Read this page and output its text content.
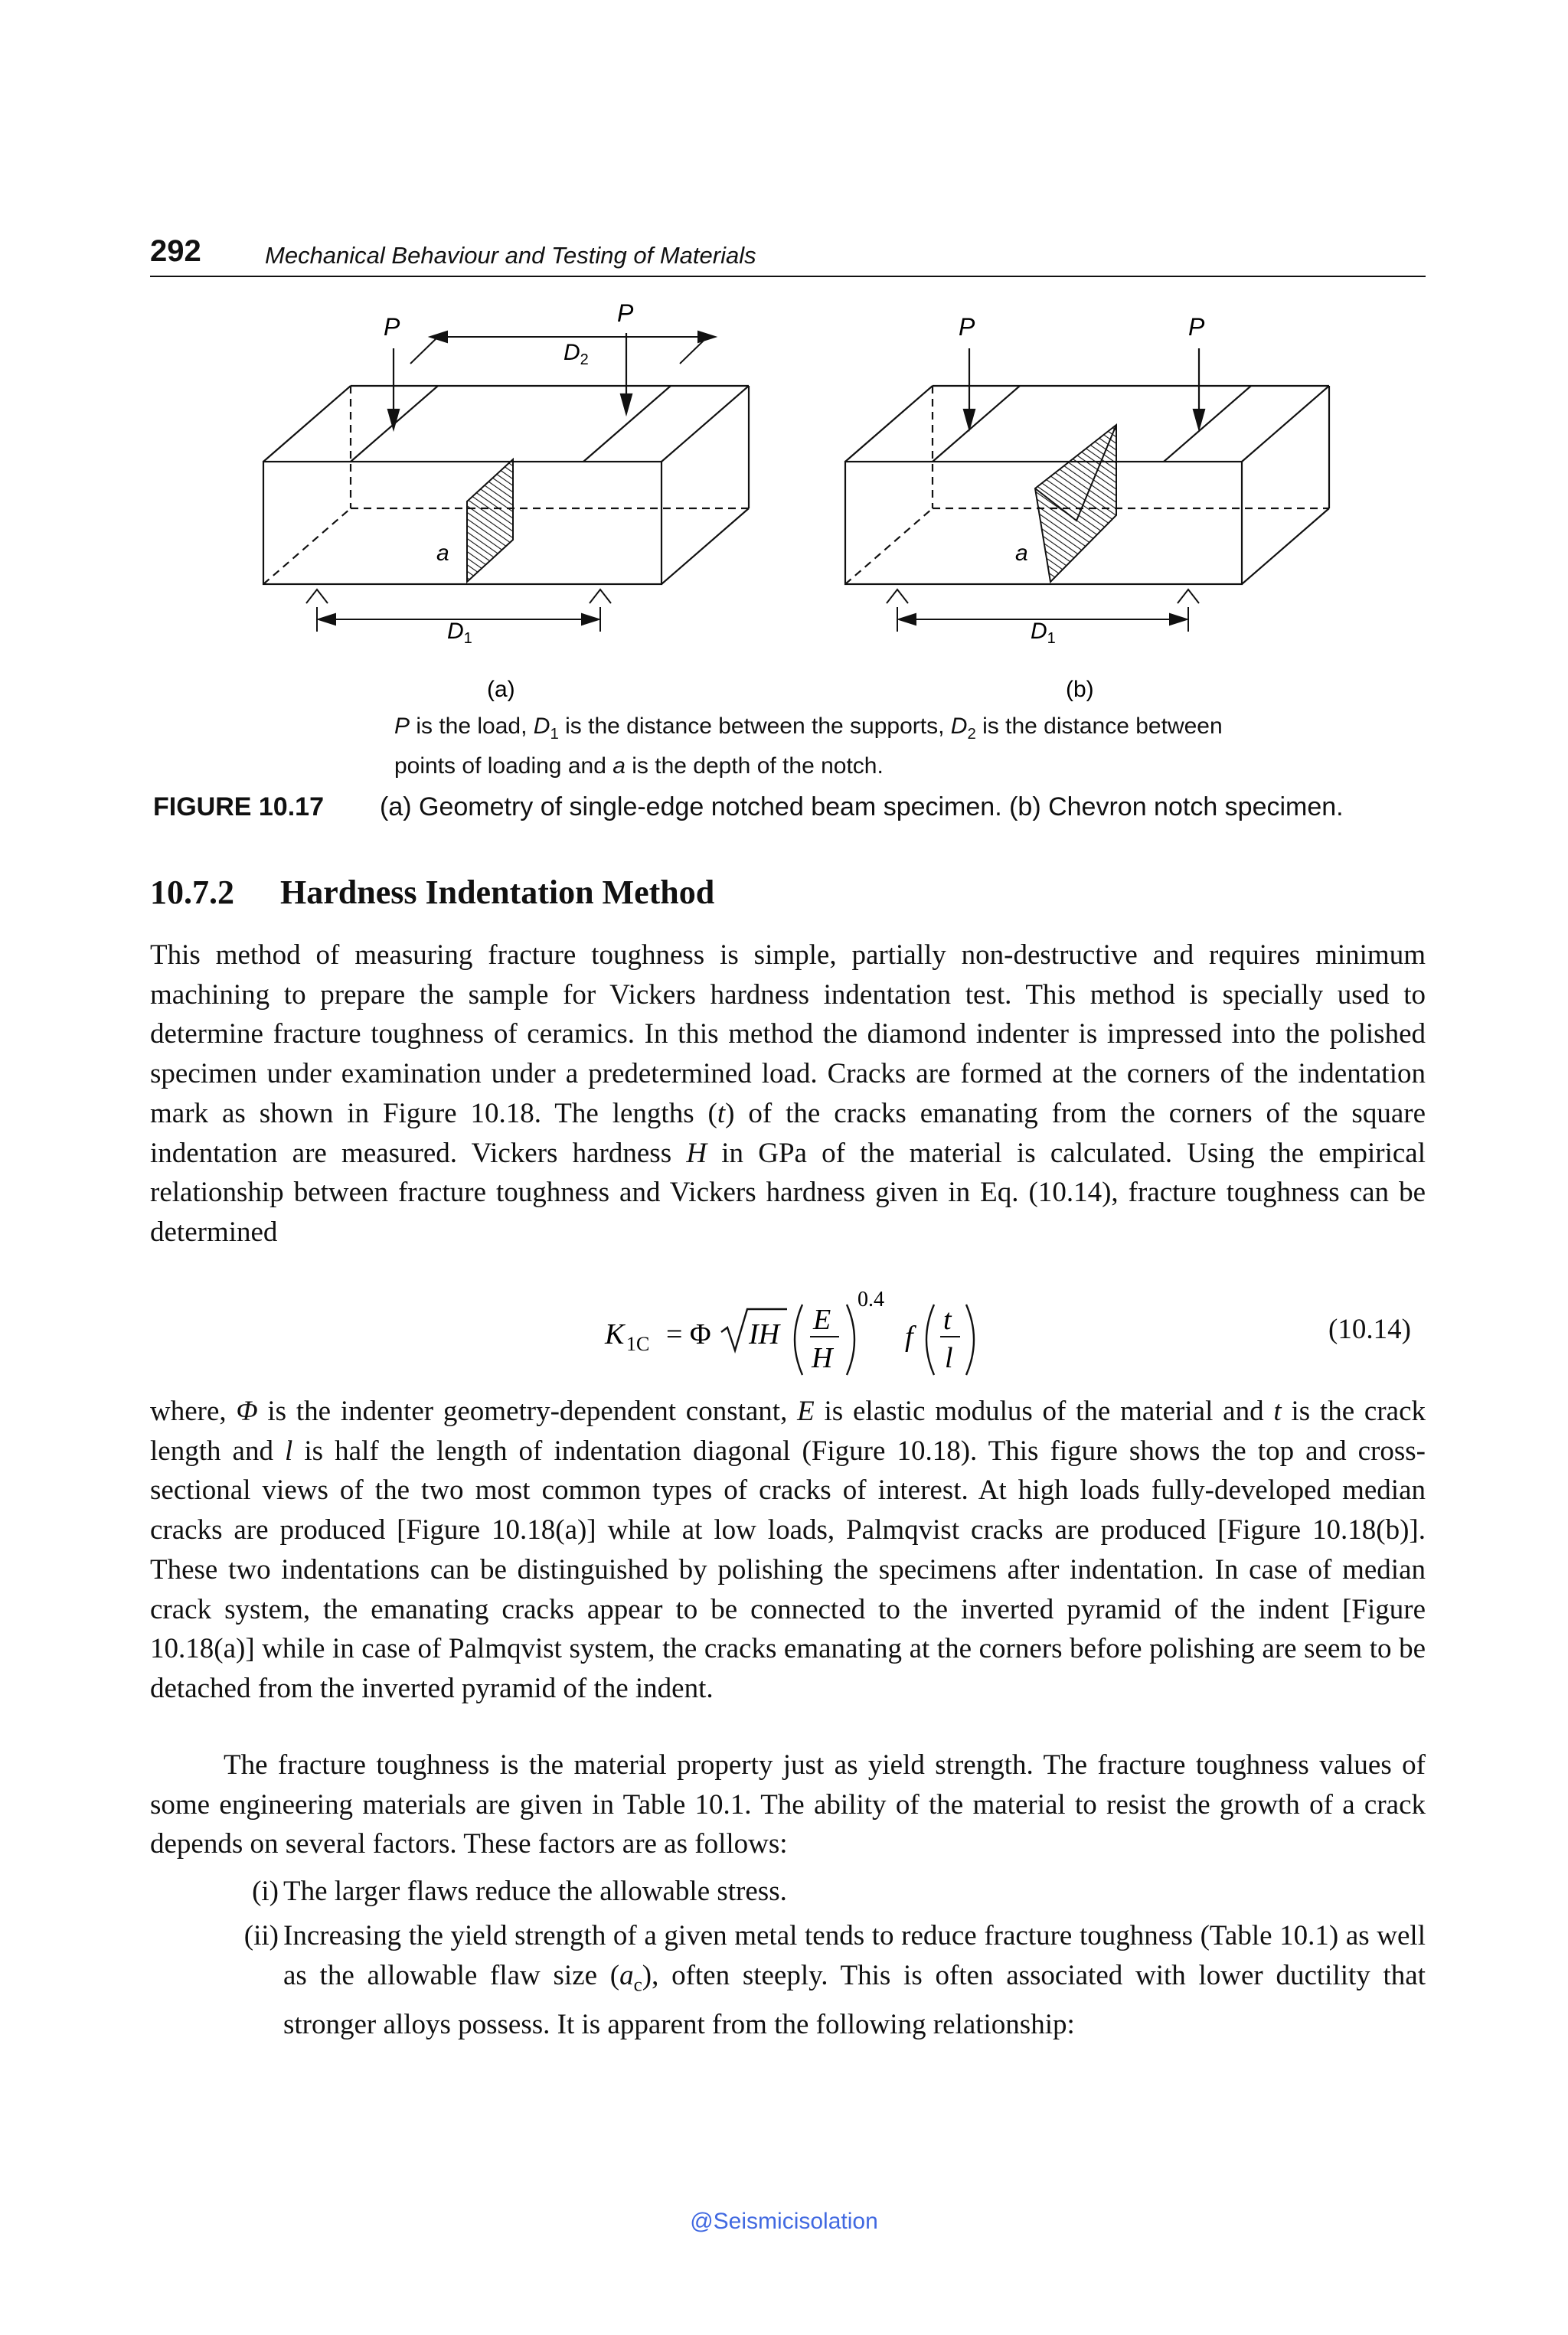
292	Mechanical Behaviour and Testing of Materials
P	P
$D_2$
a
$D_1$
P	P
a
$D_1$
(a)	(b)
P is the load, $D_1$ is the distance between the supports, $D_2$ is the distance between points of loading and a is the depth of the notch.
FIGURE 10.17 (a) Geometry of single-edge notched beam specimen. (b) Chevron notch specimen.
10.7.2 Hardness Indentation Method
This method of measuring fracture toughness is simple, partially non-destructive and requires minimum machining to prepare the sample for Vickers hardness indentation test. This method is specially used to determine fracture toughness of ceramics. In this method the diamond indenter is impressed into the polished specimen under examination under a predetermined load. Cracks are formed at the corners of the indentation mark as shown in Figure 10.18. The lengths (t) of the cracks emanating from the corners of the square indentation are measured. Vickers hardness H in GPa of the material is calculated. Using the empirical relationship between fracture toughness and Vickers hardness given in Eq. (10.14), fracture toughness can be determined
K 1C = Φ IH E
H
0.4
f
t
l
(10.14)
where, Φ is the indenter geometry-dependent constant, E is elastic modulus of the material and t is the crack length and l is half the length of indentation diagonal (Figure 10.18). This figure shows the top and cross-sectional views of the two most common types of cracks of interest. At high loads fully-developed median cracks are produced [Figure 10.18(a)] while at low loads, Palmqvist cracks are produced [Figure 10.18(b)]. These two indentations can be distinguished by polishing the specimens after indentation. In case of median crack system, the emanating cracks appear to be connected to the inverted pyramid of the indent [Figure 10.18(a)] while in case of Palmqvist system, the cracks emanating at the corners before polishing are seem to be detached from the inverted pyramid of the indent.
The fracture toughness is the material property just as yield strength. The fracture toughness values of some engineering materials are given in Table 10.1. The ability of the material to resist the growth of a crack depends on several factors. These factors are as follows:
(i) The larger flaws reduce the allowable stress.
(ii) Increasing the yield strength of a given metal tends to reduce fracture toughness (Table 10.1) as well as the allowable flaw size $(a_c)$, often steeply. This is often associated with lower ductility that stronger alloys possess. It is apparent from the following relationship:
@Seismicisolation
